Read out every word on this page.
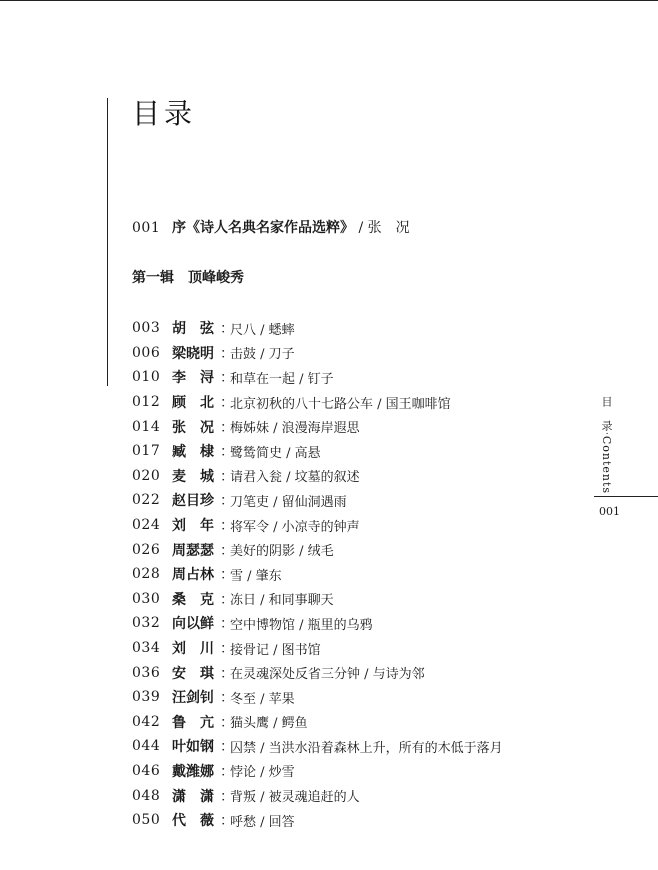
目录
001 序《诗人名典名家作品选粹》 / 张　况
第一辑　顶峰峻秀
003 胡　弦 ：
尺八 / 蟋蟀
006 梁晓明 ：
击鼓 / 刀子
010 李　浔 ：
和草在一起 / 钉子
012 顾　北 ：
北京初秋的八十七路公车 / 国王咖啡馆
014 张　况 ：
梅姊妹 / 浪漫海岸遐思
017 臧　棣 ：
鹭鸶简史 / 高悬
020 麦　城 ：
请君入瓮 / 坟墓的叙述
022 赵目珍 ：
刀笔吏 / 留仙洞遇雨
024 刘　年 ：
将军令 / 小凉寺的钟声
026 周瑟瑟 ：
美好的阴影 / 绒毛
028 周占林 ：
雪 / 肇东
030 桑　克 ：
冻日 / 和同事聊天
032 向以鲜 ：
空中博物馆 / 瓶里的乌鸦
034 刘　川 ：
接骨记 / 图书馆
036 安　琪 ：
在灵魂深处反省三分钟 / 与诗为邻
039 汪剑钊 ：
冬至 / 苹果
042 鲁　亢 ：
猫头鹰 / 鳄鱼
044 叶如钢 ：
囚禁 / 当洪水沿着森林上升，所有的木低于落月
046 戴潍娜 ：
悖论 / 炒雪
048 潇　潇 ：
背叛 / 被灵魂追赶的人
050 代　薇 ：
呼愁 / 回答
目　录·Contents
001
